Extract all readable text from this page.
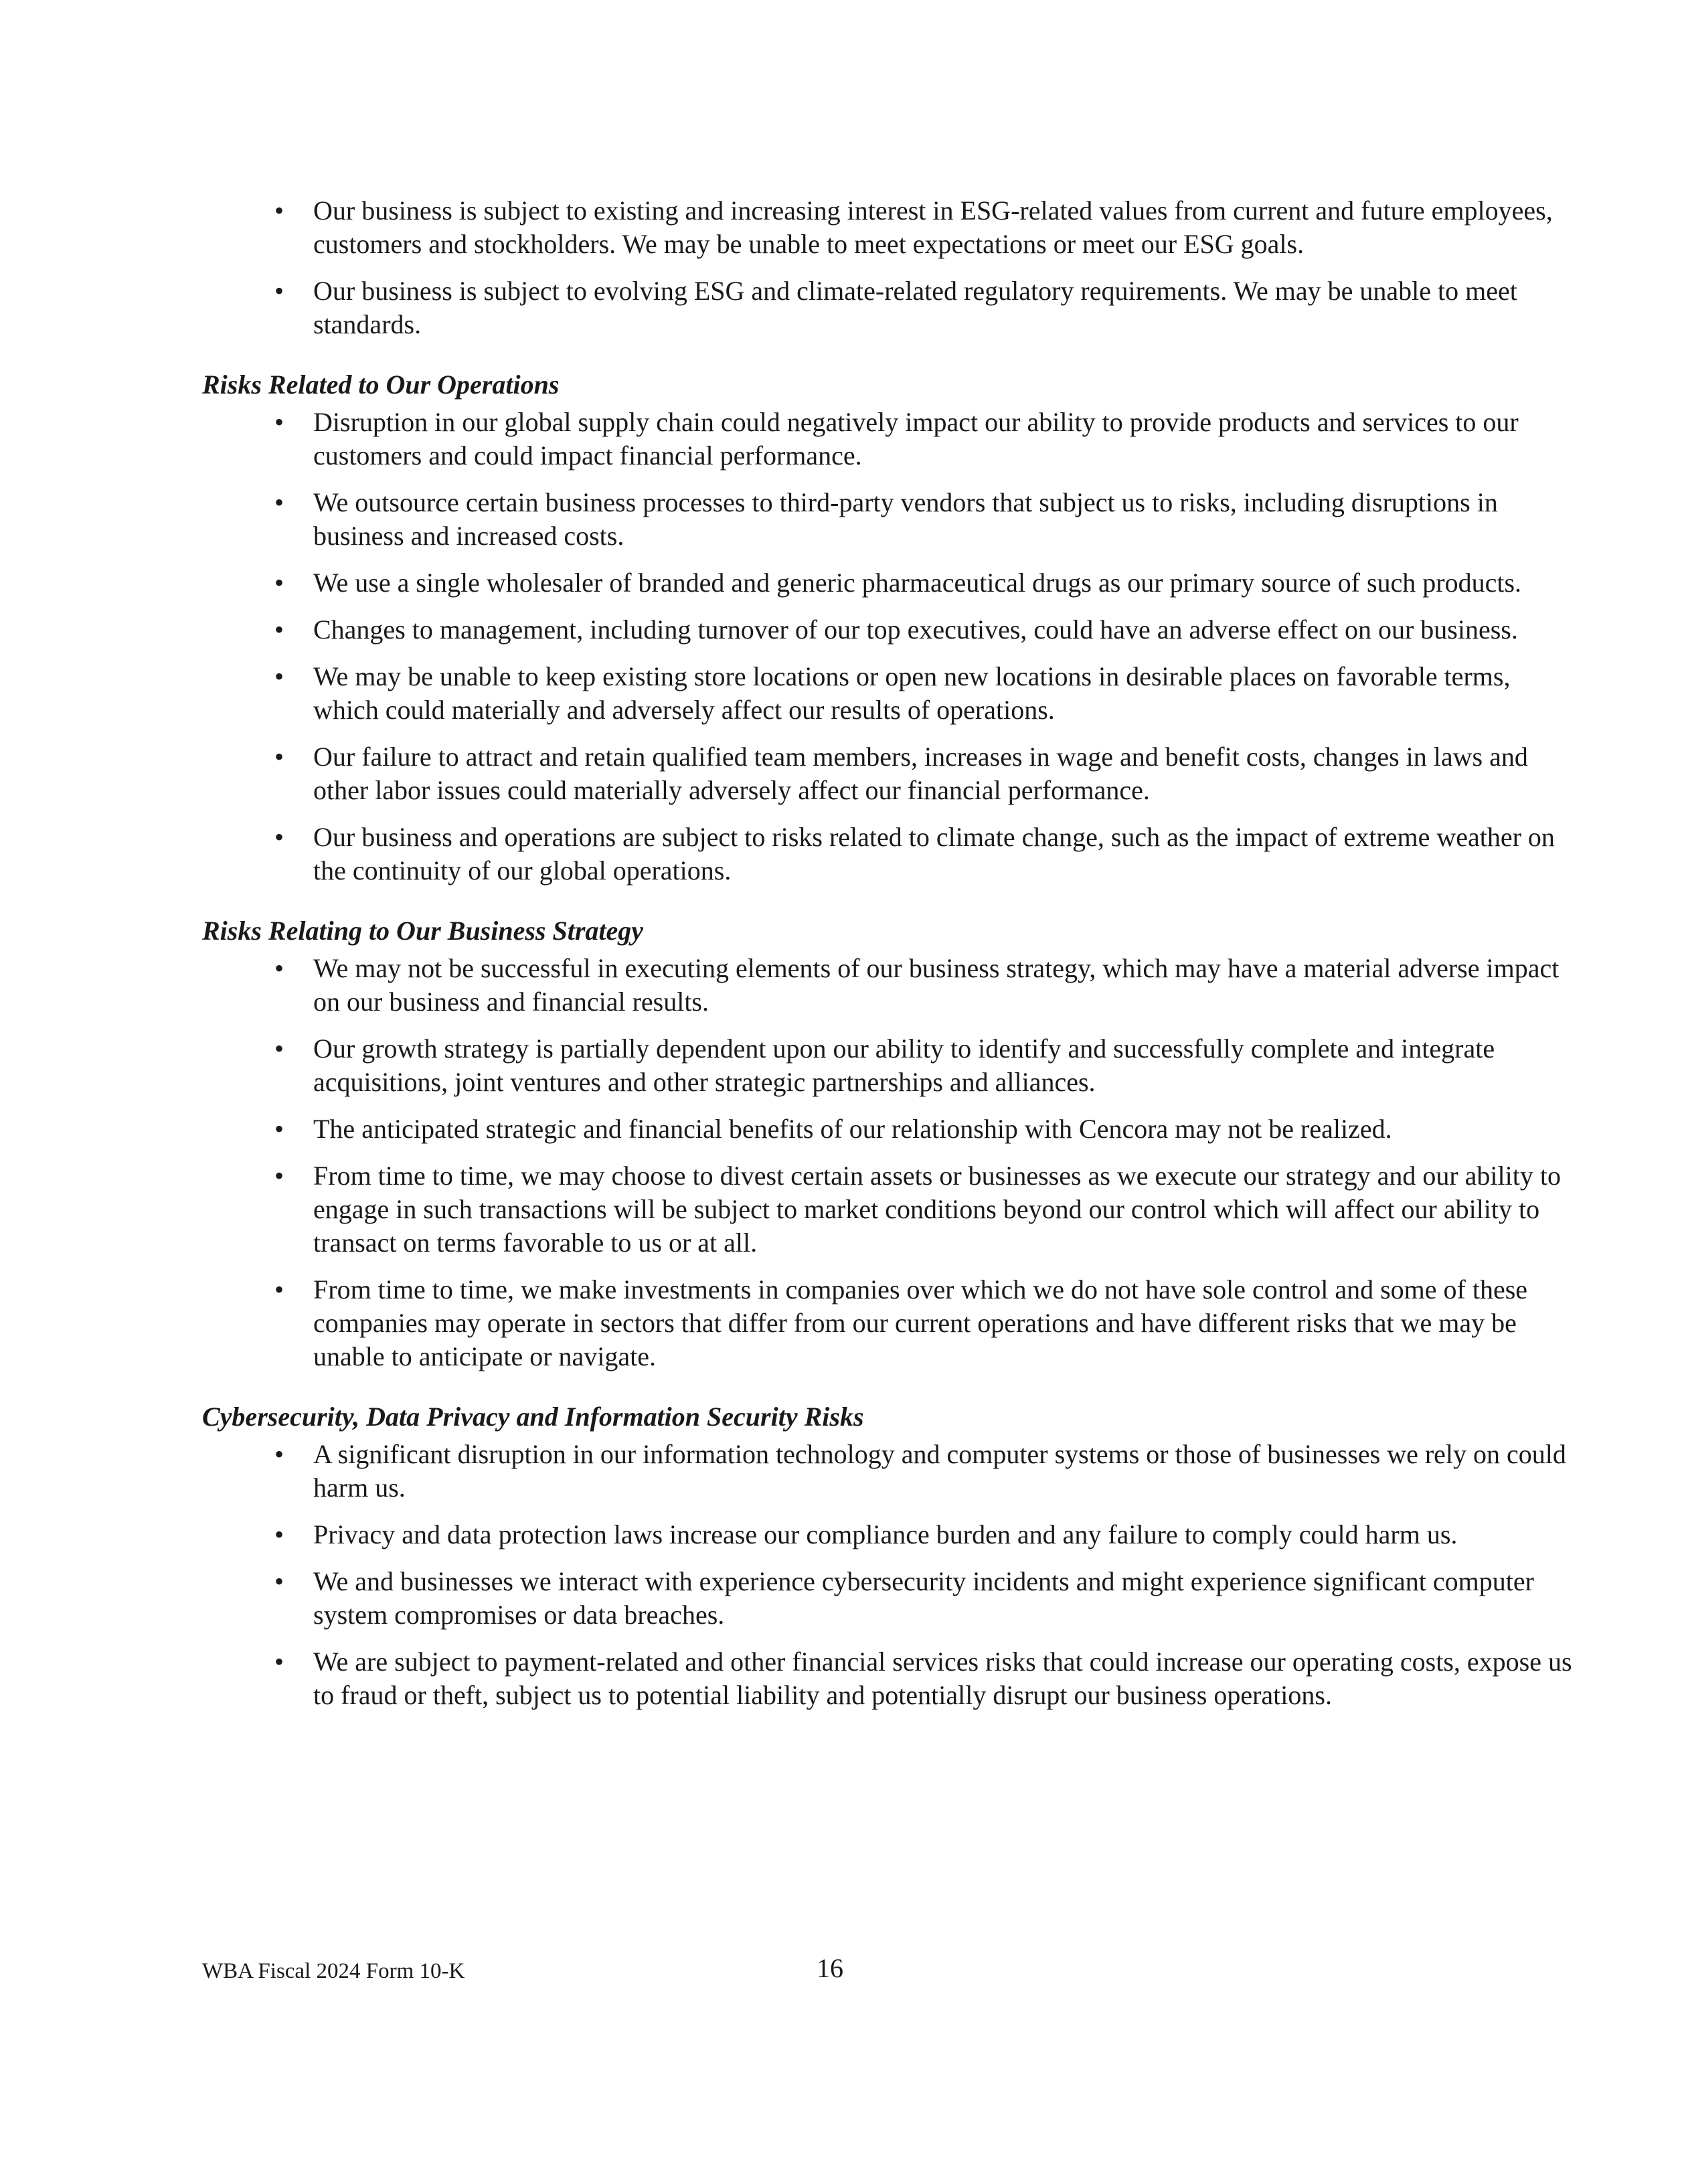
• Our business is subject to existing and increasing interest in ESG-related values from current and future employees, customers and stockholders. We may be unable to meet expectations or meet our ESG goals.
• Our business is subject to evolving ESG and climate-related regulatory requirements. We may be unable to meet standards.
Risks Related to Our Operations
• Disruption in our global supply chain could negatively impact our ability to provide products and services to our customers and could impact financial performance.
• We outsource certain business processes to third-party vendors that subject us to risks, including disruptions in business and increased costs.
• We use a single wholesaler of branded and generic pharmaceutical drugs as our primary source of such products.
• Changes to management, including turnover of our top executives, could have an adverse effect on our business.
• We may be unable to keep existing store locations or open new locations in desirable places on favorable terms, which could materially and adversely affect our results of operations.
• Our failure to attract and retain qualified team members, increases in wage and benefit costs, changes in laws and other labor issues could materially adversely affect our financial performance.
• Our business and operations are subject to risks related to climate change, such as the impact of extreme weather on the continuity of our global operations.
Risks Relating to Our Business Strategy
• We may not be successful in executing elements of our business strategy, which may have a material adverse impact on our business and financial results.
• Our growth strategy is partially dependent upon our ability to identify and successfully complete and integrate acquisitions, joint ventures and other strategic partnerships and alliances.
• The anticipated strategic and financial benefits of our relationship with Cencora may not be realized.
• From time to time, we may choose to divest certain assets or businesses as we execute our strategy and our ability to engage in such transactions will be subject to market conditions beyond our control which will affect our ability to transact on terms favorable to us or at all.
• From time to time, we make investments in companies over which we do not have sole control and some of these companies may operate in sectors that differ from our current operations and have different risks that we may be unable to anticipate or navigate.
Cybersecurity, Data Privacy and Information Security Risks
• A significant disruption in our information technology and computer systems or those of businesses we rely on could harm us.
• Privacy and data protection laws increase our compliance burden and any failure to comply could harm us.
• We and businesses we interact with experience cybersecurity incidents and might experience significant computer system compromises or data breaches.
• We are subject to payment-related and other financial services risks that could increase our operating costs, expose us to fraud or theft, subject us to potential liability and potentially disrupt our business operations.
WBA Fiscal 2024 Form 10-K	16
